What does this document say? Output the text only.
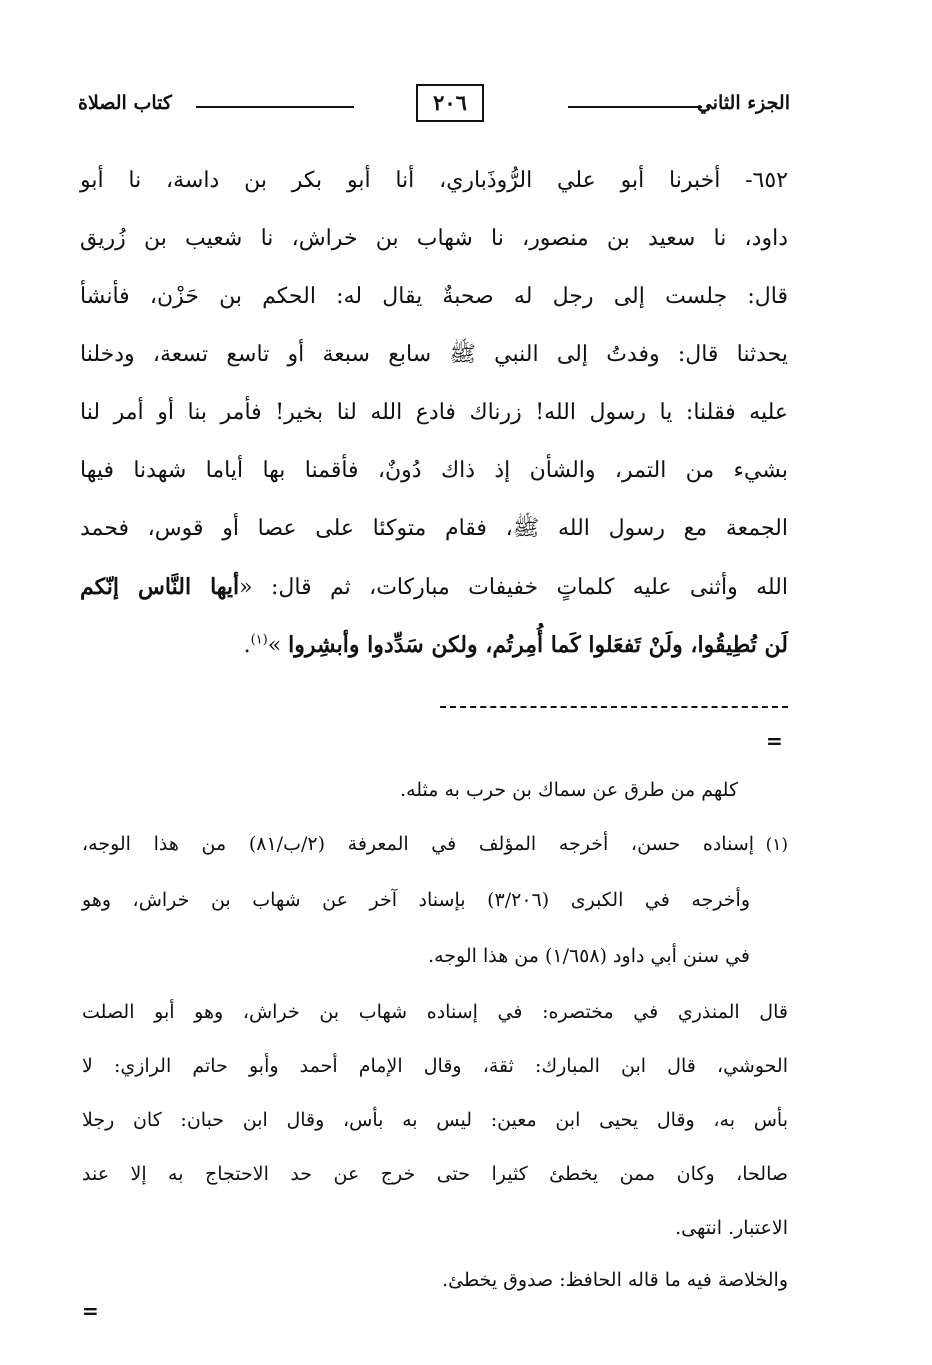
الجزء الثاني
٢٠٦
كتاب الصلاة
٦٥٢- أخبرنا أبو علي الرُّوذَباري، أنا أبو بكر بن داسة، نا أبو
داود، نا سعيد بن منصور، نا شهاب بن خراش، نا شعيب بن زُريق
قال: جلست إلى رجل له صحبةٌ يقال له: الحكم بن حَزْن، فأنشأ
يحدثنا قال: وفدتُ إلى النبي ﷺ سابع سبعة أو تاسع تسعة، ودخلنا
عليه فقلنا: يا رسول الله! زرناك فادع الله لنا بخير! فأمر بنا أو أمر لنا
بشيء من التمر، والشأن إذ ذاك دُونٌ، فأقمنا بها أياما شهدنا فيها
الجمعة مع رسول الله ﷺ، فقام متوكئا على عصا أو قوس، فحمد
الله وأثنى عليه كلماتٍ خفيفات مباركات، ثم قال: «أيها النَّاس إنّكم
لَن تُطِيقُوا، ولَنْ تَفعَلوا كَما أُمِرتُم، ولكن سَدِّدوا وأبشِروا »$^{(١)}$.
=
كلهم من طرق عن سماك بن حرب به مثله.
(١)
إسناده حسن، أخرجه المؤلف في المعرفة (٢/ب/٨١) من هذا الوجه،
وأخرجه في الكبرى (٣/٢٠٦) بإسناد آخر عن شهاب بن خراش، وهو
في سنن أبي داود (١/٦٥٨) من هذا الوجه.
قال المنذري في مختصره: في إسناده شهاب بن خراش، وهو أبو الصلت
الحوشي، قال ابن المبارك: ثقة، وقال الإمام أحمد وأبو حاتم الرازي: لا
بأس به، وقال يحيى ابن معين: ليس به بأس، وقال ابن حبان: كان رجلا
صالحا، وكان ممن يخطئ كثيرا حتى خرج عن حد الاحتجاج به إلا عند
الاعتبار. انتهى.
والخلاصة فيه ما قاله الحافظ: صدوق يخطئ.
=
